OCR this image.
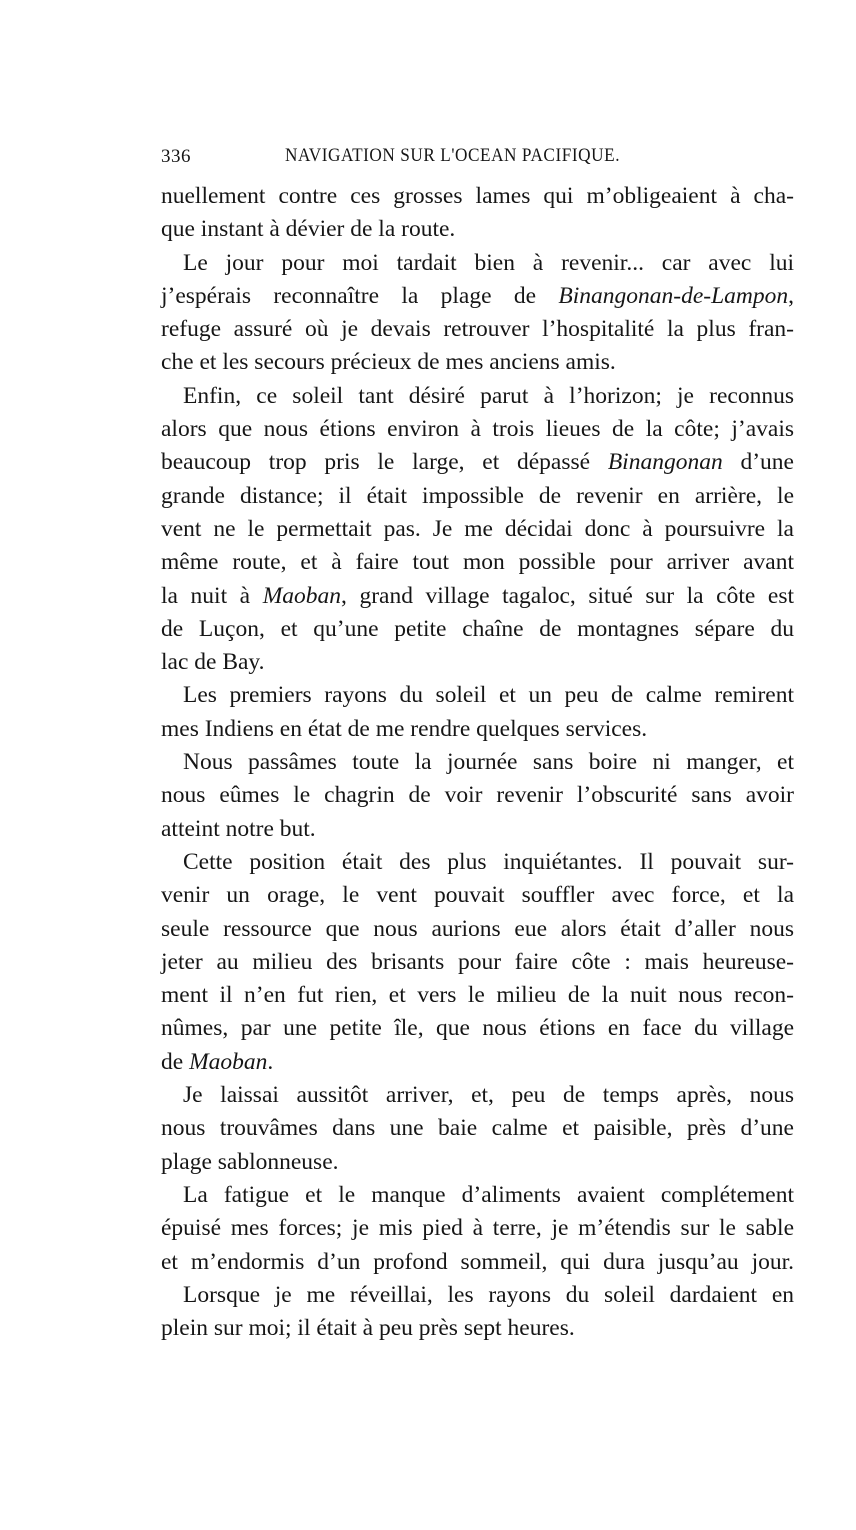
336	NAVIGATION SUR L'OCEAN PACIFIQUE.
nuellement contre ces grosses lames qui m’obligeaient à cha-
que instant à dévier de la route.
Le jour pour moi tardait bien à revenir... car avec lui
j’espérais reconnaître la plage de Binangonan-de-Lampon,
refuge assuré où je devais retrouver l’hospitalité la plus fran-
che et les secours précieux de mes anciens amis.
Enfin, ce soleil tant désiré parut à l’horizon; je reconnus
alors que nous étions environ à trois lieues de la côte; j’avais
beaucoup trop pris le large, et dépassé Binangonan d’une
grande distance; il était impossible de revenir en arrière, le
vent ne le permettait pas. Je me décidai donc à poursuivre la
même route, et à faire tout mon possible pour arriver avant
la nuit à Maoban, grand village tagaloc, situé sur la côte est
de Luçon, et qu’une petite chaîne de montagnes sépare du
lac de Bay.
Les premiers rayons du soleil et un peu de calme remirent
mes Indiens en état de me rendre quelques services.
Nous passâmes toute la journée sans boire ni manger, et
nous eûmes le chagrin de voir revenir l’obscurité sans avoir
atteint notre but.
Cette position était des plus inquiétantes. Il pouvait sur-
venir un orage, le vent pouvait souffler avec force, et la
seule ressource que nous aurions eue alors était d’aller nous
jeter au milieu des brisants pour faire côte : mais heureuse-
ment il n’en fut rien, et vers le milieu de la nuit nous recon-
nûmes, par une petite île, que nous étions en face du village
de Maoban.
Je laissai aussitôt arriver, et, peu de temps après, nous
nous trouvâmes dans une baie calme et paisible, près d’une
plage sablonneuse.
La fatigue et le manque d’aliments avaient complétement
épuisé mes forces; je mis pied à terre, je m’étendis sur le sable
et m’endormis d’un profond sommeil, qui dura jusqu’au jour.
Lorsque je me réveillai, les rayons du soleil dardaient en
plein sur moi; il était à peu près sept heures.
